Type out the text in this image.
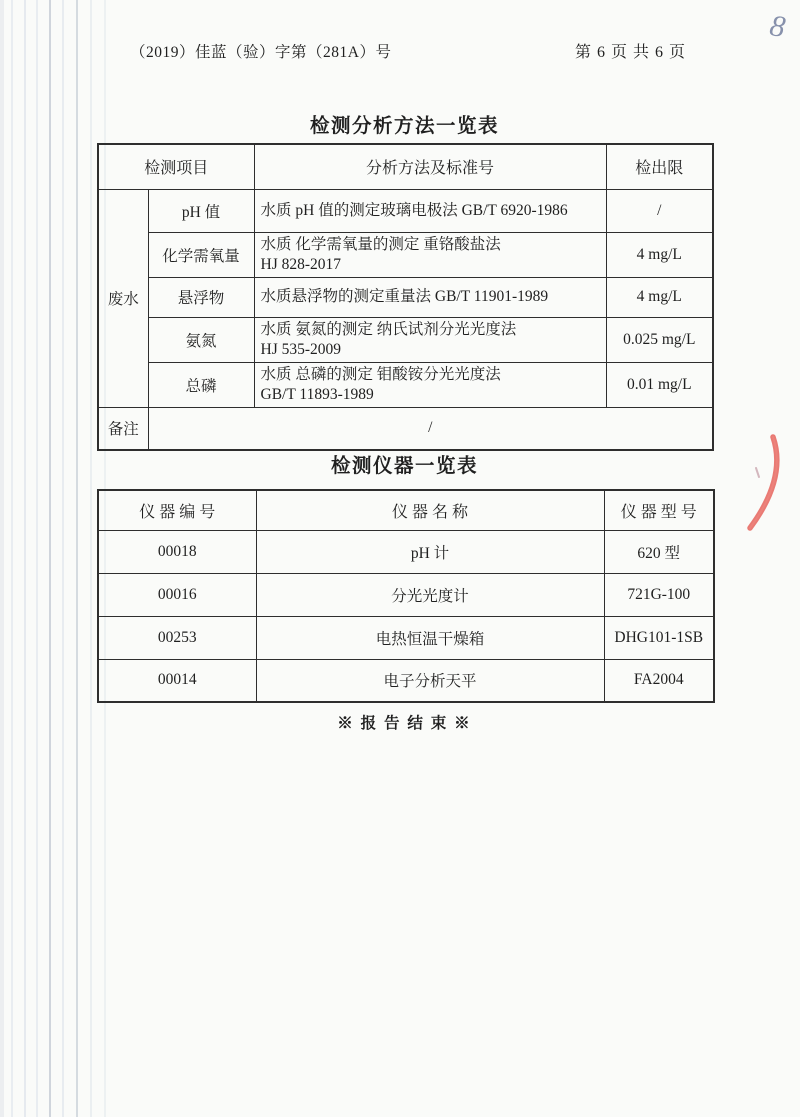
（2019）佳蓝（验）字第（281A）号	第 6 页 共 6 页
8
检测分析方法一览表
检测项目		分析方法及标准号	检出限
废水	pH 值	水质 pH 值的测定玻璃电极法 GB/T 6920-1986	/
	化学需氧量	水质 化学需氧量的测定 重铬酸盐法
HJ 828-2017	4 mg/L
	悬浮物	水质悬浮物的测定重量法 GB/T 11901-1989	4 mg/L
	氨氮	水质 氨氮的测定 纳氏试剂分光光度法
HJ 535-2009	0.025 mg/L
	总磷	水质 总磷的测定 钼酸铵分光光度法
GB/T 11893-1989	0.01 mg/L
备注	/		
检测仪器一览表
仪 器 编 号	仪 器 名 称	仪 器 型 号
00018	pH 计	620 型
00016	分光光度计	721G-100
00253	电热恒温干燥箱	DHG101-1SB
00014	电子分析天平	FA2004
※ 报 告 结 束 ※
